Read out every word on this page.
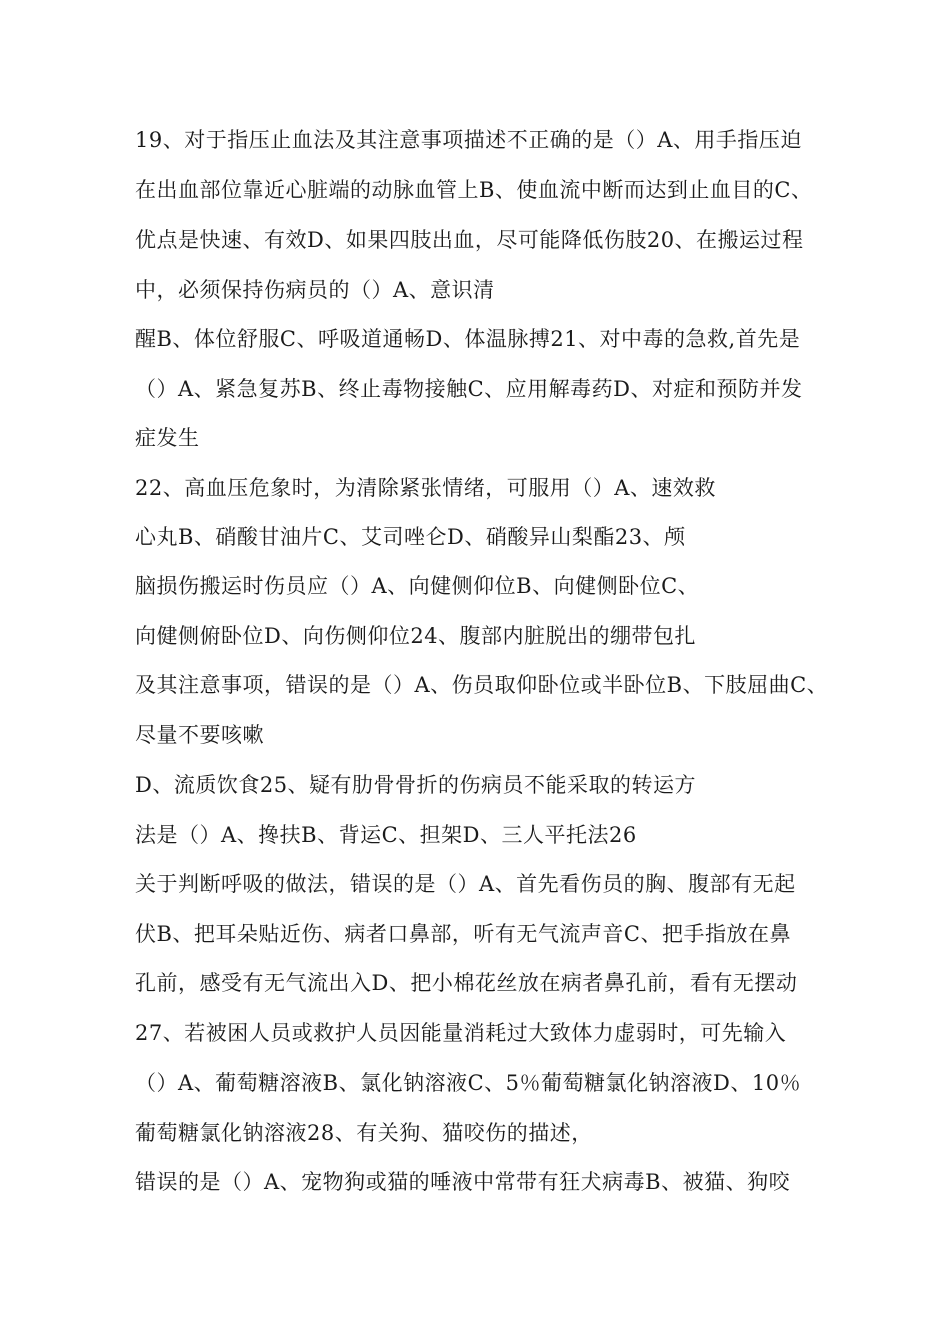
19、对于指压止血法及其注意事项描述不正确的是（）A、用手指压迫
在出血部位靠近心脏端的动脉血管上B、使血流中断而达到止血目的C、
优点是快速、有效D、如果四肢出血，尽可能降低伤肢20、在搬运过程
中，必须保持伤病员的（）A、意识清
醒B、体位舒服C、呼吸道通畅D、体温脉搏21、对中毒的急救,首先是
（）A、紧急复苏B、终止毒物接触C、应用解毒药D、对症和预防并发
症发生
22、高血压危象时，为清除紧张情绪，可服用（）A、速效救
心丸B、硝酸甘油片C、艾司唑仑D、硝酸异山梨酯23、颅
脑损伤搬运时伤员应（）A、向健侧仰位B、向健侧卧位C、
向健侧俯卧位D、向伤侧仰位24、腹部内脏脱出的绷带包扎
及其注意事项，错误的是（）A、伤员取仰卧位或半卧位B、下肢屈曲C、
尽量不要咳嗽
D、流质饮食25、疑有肋骨骨折的伤病员不能采取的转运方
法是（）A、搀扶B、背运C、担架D、三人平托法26
关于判断呼吸的做法，错误的是（）A、首先看伤员的胸、腹部有无起
伏B、把耳朵贴近伤、病者口鼻部，听有无气流声音C、把手指放在鼻
孔前，感受有无气流出入D、把小棉花丝放在病者鼻孔前，看有无摆动
27、若被困人员或救护人员因能量消耗过大致体力虚弱时，可先输入
（）A、葡萄糖溶液B、氯化钠溶液C、5％葡萄糖氯化钠溶液D、10％
葡萄糖氯化钠溶液28、有关狗、猫咬伤的描述，
错误的是（）A、宠物狗或猫的唾液中常带有狂犬病毒B、被猫、狗咬
